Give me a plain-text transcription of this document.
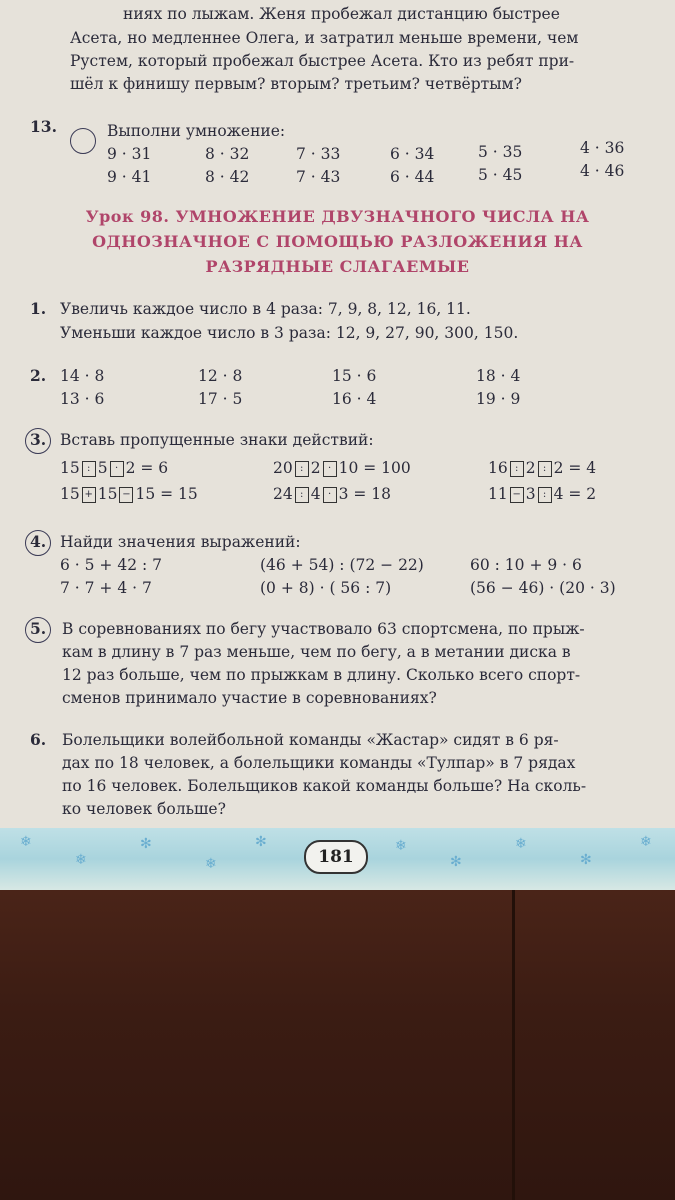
ниях по лыжам. Женя пробежал дистанцию быстрее
Асета, но медленнее Олега, и затратил меньше времени, чем
Рустем, который пробежал быстрее Асета. Кто из ребят при-
шёл к финишу первым? вторым? третьим? четвёртым?
13.	Выполни умножение:
9 · 31	8 · 32	7 · 33	6 · 34	5 · 35	4 · 36
9 · 41	8 · 42	7 · 43	6 · 44	5 · 45	4 · 46
Урок 98. УМНОЖЕНИЕ ДВУЗНАЧНОГО ЧИСЛА НА
ОДНОЗНАЧНОЕ С ПОМОЩЬЮ РАЗЛОЖЕНИЯ НА
РАЗРЯДНЫЕ СЛАГАЕМЫЕ
1. Увеличь каждое число в 4 раза: 7, 9, 8, 12, 16, 11.
Уменьши каждое число в 3 раза: 12, 9, 27, 90, 300, 150.
2. 14 · 8	12 · 8	15 · 6	18 · 4
13 · 6	17 · 5	16 · 4	19 · 9
3. Вставь пропущенные знаки действий:
15 : 5 · 2 = 6	20 : 2 · 10 = 100	16 : 2 : 2 = 4
15 + 15 − 15 = 15	24 : 4 · 3 = 18	11 − 3 : 4 = 2
4. Найди значения выражений:
6 · 5 + 42 : 7	(46 + 54) : (72 − 22)	60 : 10 + 9 · 6
7 · 7 + 4 · 7	(0 + 8) · ( 56 : 7)	(56 − 46) · (20 · 3)
5. В соревнованиях по бегу участвовало 63 спортсмена, по прыж-
кам в длину в 7 раз меньше, чем по бегу, а в метании диска в
12 раз больше, чем по прыжкам в длину. Сколько всего спорт-
сменов принимало участие в соревнованиях?
6. Болельщики волейбольной команды «Жастар» сидят в 6 ря-
дах по 18 человек, а болельщики команды «Тулпар» в 7 рядах
по 16 человек. Болельщиков какой команды больше? На сколь-
ко человек больше?
❄
❄
✻
❄
✻	❄
✻
❄
✻
❄
181
